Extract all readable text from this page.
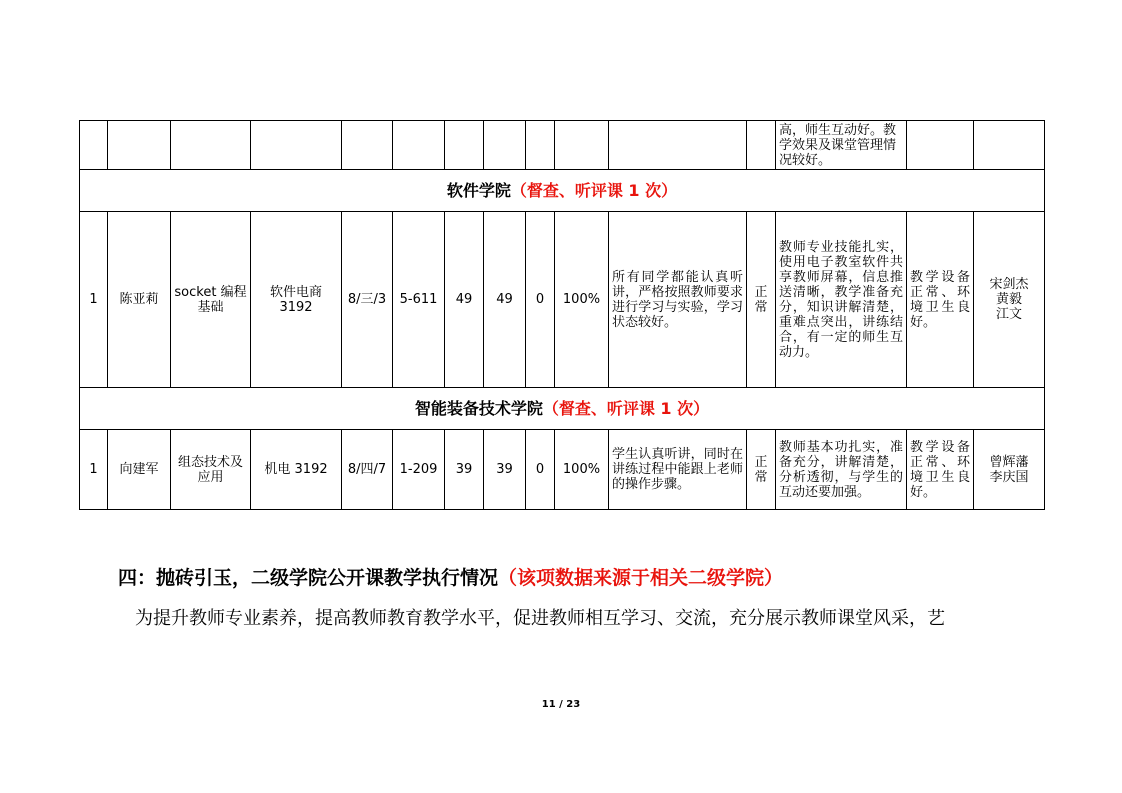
												高，师生互动好。教学效果及课堂管理情况较好。		
软件学院（督查、听评课 1 次）														
1	陈亚莉	socket 编程基础	软件电商 3192	8/三/3	5-611	49	49	0	100%	所有同学都能认真听讲，严格按照教师要求进行学习与实验，学习状态较好。	正常	教师专业技能扎实，使用电子教室软件共享教师屏幕，信息推送清晰，教学准备充分，知识讲解清楚，重难点突出，讲练结合，有一定的师生互动力。	教学设备正常、环境卫生良好。	宋剑杰
黄毅
江文
智能装备技术学院（督查、听评课 1 次）														
1	向建军	组态技术及应用	机电 3192	8/四/7	1-209	39	39	0	100%	学生认真听讲，同时在讲练过程中能跟上老师的操作步骤。	正常	教师基本功扎实，准备充分，讲解清楚，分析透彻，与学生的互动还要加强。	教学设备正常、环境卫生良好。	曾辉藩
李庆国
四：抛砖引玉，二级学院公开课教学执行情况（该项数据来源于相关二级学院）
为提升教师专业素养，提高教师教育教学水平，促进教师相互学习、交流，充分展示教师课堂风采，艺
11 / 23
